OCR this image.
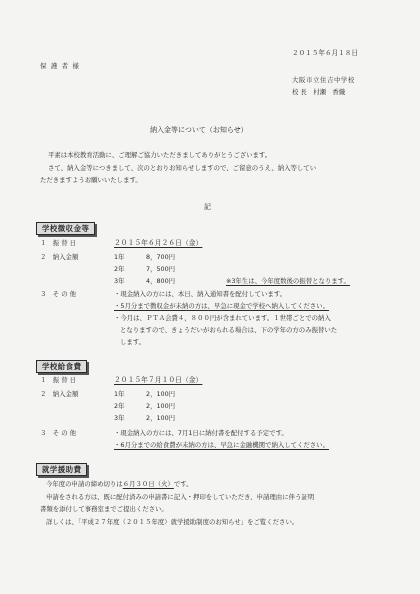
２０１５年６月１８日
保 護 者 様
大阪市立住吉中学校
校 長　村瀬　香織
納入金等について（お知らせ）
平素は本校教育活動に、ご理解ご協力いただきましてありがとうございます。
さて、納入金等につきまして、次のとおりお知らせしますので、ご留意のうえ、納入等してい
ただきますようお願いいたします。
記
学校徴収金等
１　振 替 日	２０１５年６月２６日（金）
２　納入金額	1年	8，700円
2年	7，500円
3年	4，800円	※3年生は、今年度数後の振替となります。
３　そ の 他	・現金納入の方には、本日、納入通知書を配付しています。
・5月分まで徴収金が未納の方は、早急に現金で学校へ納入してください。
・今月は、ＰＴＡ会費４，８００円が含まれています。１世帯ごとでの納入
となりますので、きょうだいがおられる場合は、下の学年の方のみ振替いた
します。
学校給食費
１　振 替 日	２０１５年７月１０日（金）
２　納入金額	1年	2，100円
2年	2，100円
3年	2，100円
３　そ の 他	・現金納入の方には、7月1日に納付書を配付する予定です。
・6月分までの給食費が未納の方は、早急に金融機関で納入してください。
就学援助費
今年度の申請の締め切りは６月３０日（火）です。
申請をされる方は、既に配付済みの申請書に記入・押印をしていただき、申請理由に伴う証明
書類を添付して事務室までご提出ください。
詳しくは、「平成２７年度（２０１５年度）就学援助制度のお知らせ」をご覧ください。
